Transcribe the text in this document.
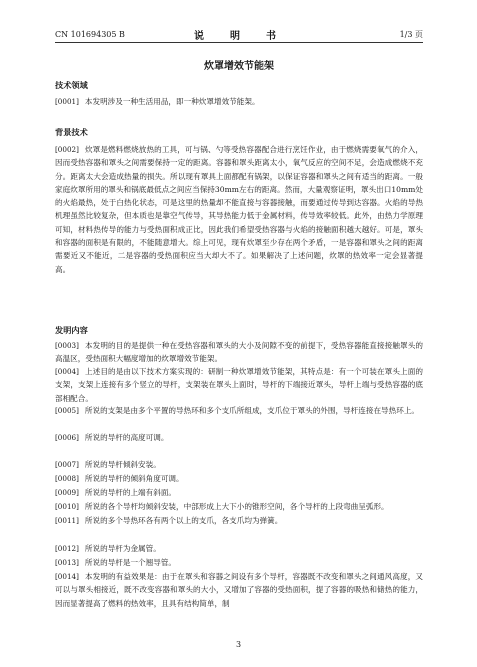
CN 101694305 B	说　明　书	1/3 页
炊罩增效节能架
技术领域
[0001] 本发明涉及一种生活用品，即一种炊罩增效节能架。
背景技术
[0002] 炊罩是燃料燃烧放热的工具，可与锅、勺等受热容器配合进行烹饪作业，由于燃烧需要氧气的介入，因而受热容器和罩头之间需要保持一定的距离。容器和罩头距离太小，氧气反应的空间不足，会造成燃烧不充分。距离太大会造成热量的损失。所以现有罩具上面都配有锅架，以保证容器和罩头之间有适当的距离。一般家庭炊罩所用的罩头和锅底最低点之间应当保持30mm左右的距离。然而，大量观察证明，罩头出口10mm处的火焰最热，处于白热化状态，可是这里的热量却不能直接与容器接触，而要通过传导到达容器。火焰的导热机理虽然比较复杂，但本质也是靠空气传导，其导热能力低于金属材料，传导效率较低。此外，由热力学原理可知，材料热传导的能力与受热面积成正比，因此我们希望受热容器与火焰的接触面积越大越好。可是，罩头和容器的面积是有限的，不能随意增大。综上可见，现有炊罩至少存在两个矛盾，一是容器和罩头之间的距离需要近又不能近，二是容器的受热面积应当大却大不了。如果解决了上述问题，炊罩的热效率一定会显著提高。
发明内容
[0003] 本发明的目的是提供一种在受热容器和罩头的大小及间隙不变的前提下，受热容器能直接接触罩头的高温区，受热面积大幅度增加的炊罩增效节能架。
[0004] 上述目的是由以下技术方案实现的：研制一种炊罩增效节能架，其特点是：有一个可装在罩头上面的支架，支架上连接有多个竖立的导杆，支架装在罩头上面时，导杆的下端接近罩头，导杆上端与受热容器的底部相配合。
[0005] 所说的支架是由多个平置的导热环和多个支爪所组成，支爪位于罩头的外围，导杆连接在导热环上。
[0006] 所说的导杆的高度可调。
[0007] 所说的导杆倾斜安装。
[0008] 所说的导杆的倾斜角度可调。
[0009] 所说的导杆的上端有斜面。
[0010] 所说的各个导杆均倾斜安装，中部形成上大下小的锥形空间，各个导杆的上段弯曲呈弧形。
[0011] 所说的多个导热环各有两个以上的支爪，各支爪均为弹簧。
[0012] 所说的导杆为金属管。
[0013] 所说的导杆是一个翘导管。
[0014] 本发明的有益效果是：由于在罩头和容器之间设有多个导杆，容器既不改变和罩头之间通风高度，又可以与罩头相接近，既不改变容器和罩头的大小，又增加了容器的受热面积，提了容器的吸热和储热的能力，因而显著提高了燃料的热效率，且具有结构简单，制
3
